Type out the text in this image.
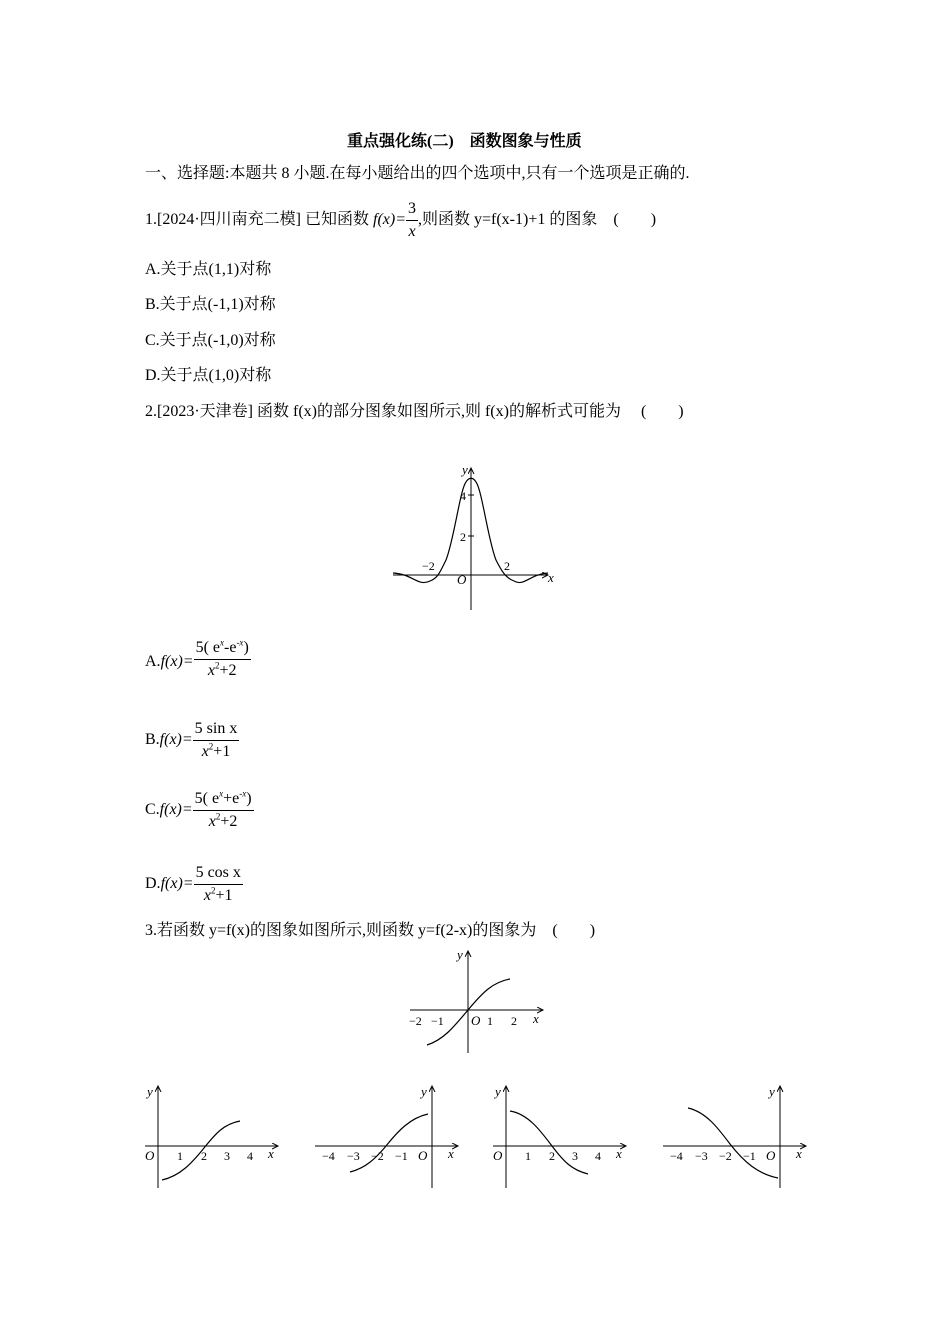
重点强化练(二)　函数图象与性质
一、选择题:本题共 8 小题.在每小题给出的四个选项中,只有一个选项是正确的.
1.[2024·四川南充二模] 已知函数 $f(x)= \frac{3}{x}$ ,则函数 y=f(x-1)+1 的图象 (　　)
A.关于点(1,1)对称
B.关于点(-1,1)对称
C.关于点(-1,0)对称
D.关于点(1,0)对称
2.[2023·天津卷] 函数 f(x)的部分图象如图所示,则 f(x)的解析式可能为 (　　)
y
x
O
4
2
−2	2
$A.f(x)= \frac{5( e^x-e^{-x})}{x^2+2}$
$B.f(x)= \frac{\text{5 sin x}}{x^2+1}$
$C.f(x)= \frac{5( e^x+e^{-x})}{x^2+2}$
$D.f(x)= \frac{\text{5 cos x}}{x^2+1}$
3.若函数 y=f(x)的图象如图所示,则函数 y=f(2-x)的图象为 (　　)
y
x
O
−2 −1	1 2
y
x
O 1 2 3 4
y
x
O
−4 −3 −2 −1
y
x
O 1 2 3 4
y
x
O
−4 −3 −2 −1
